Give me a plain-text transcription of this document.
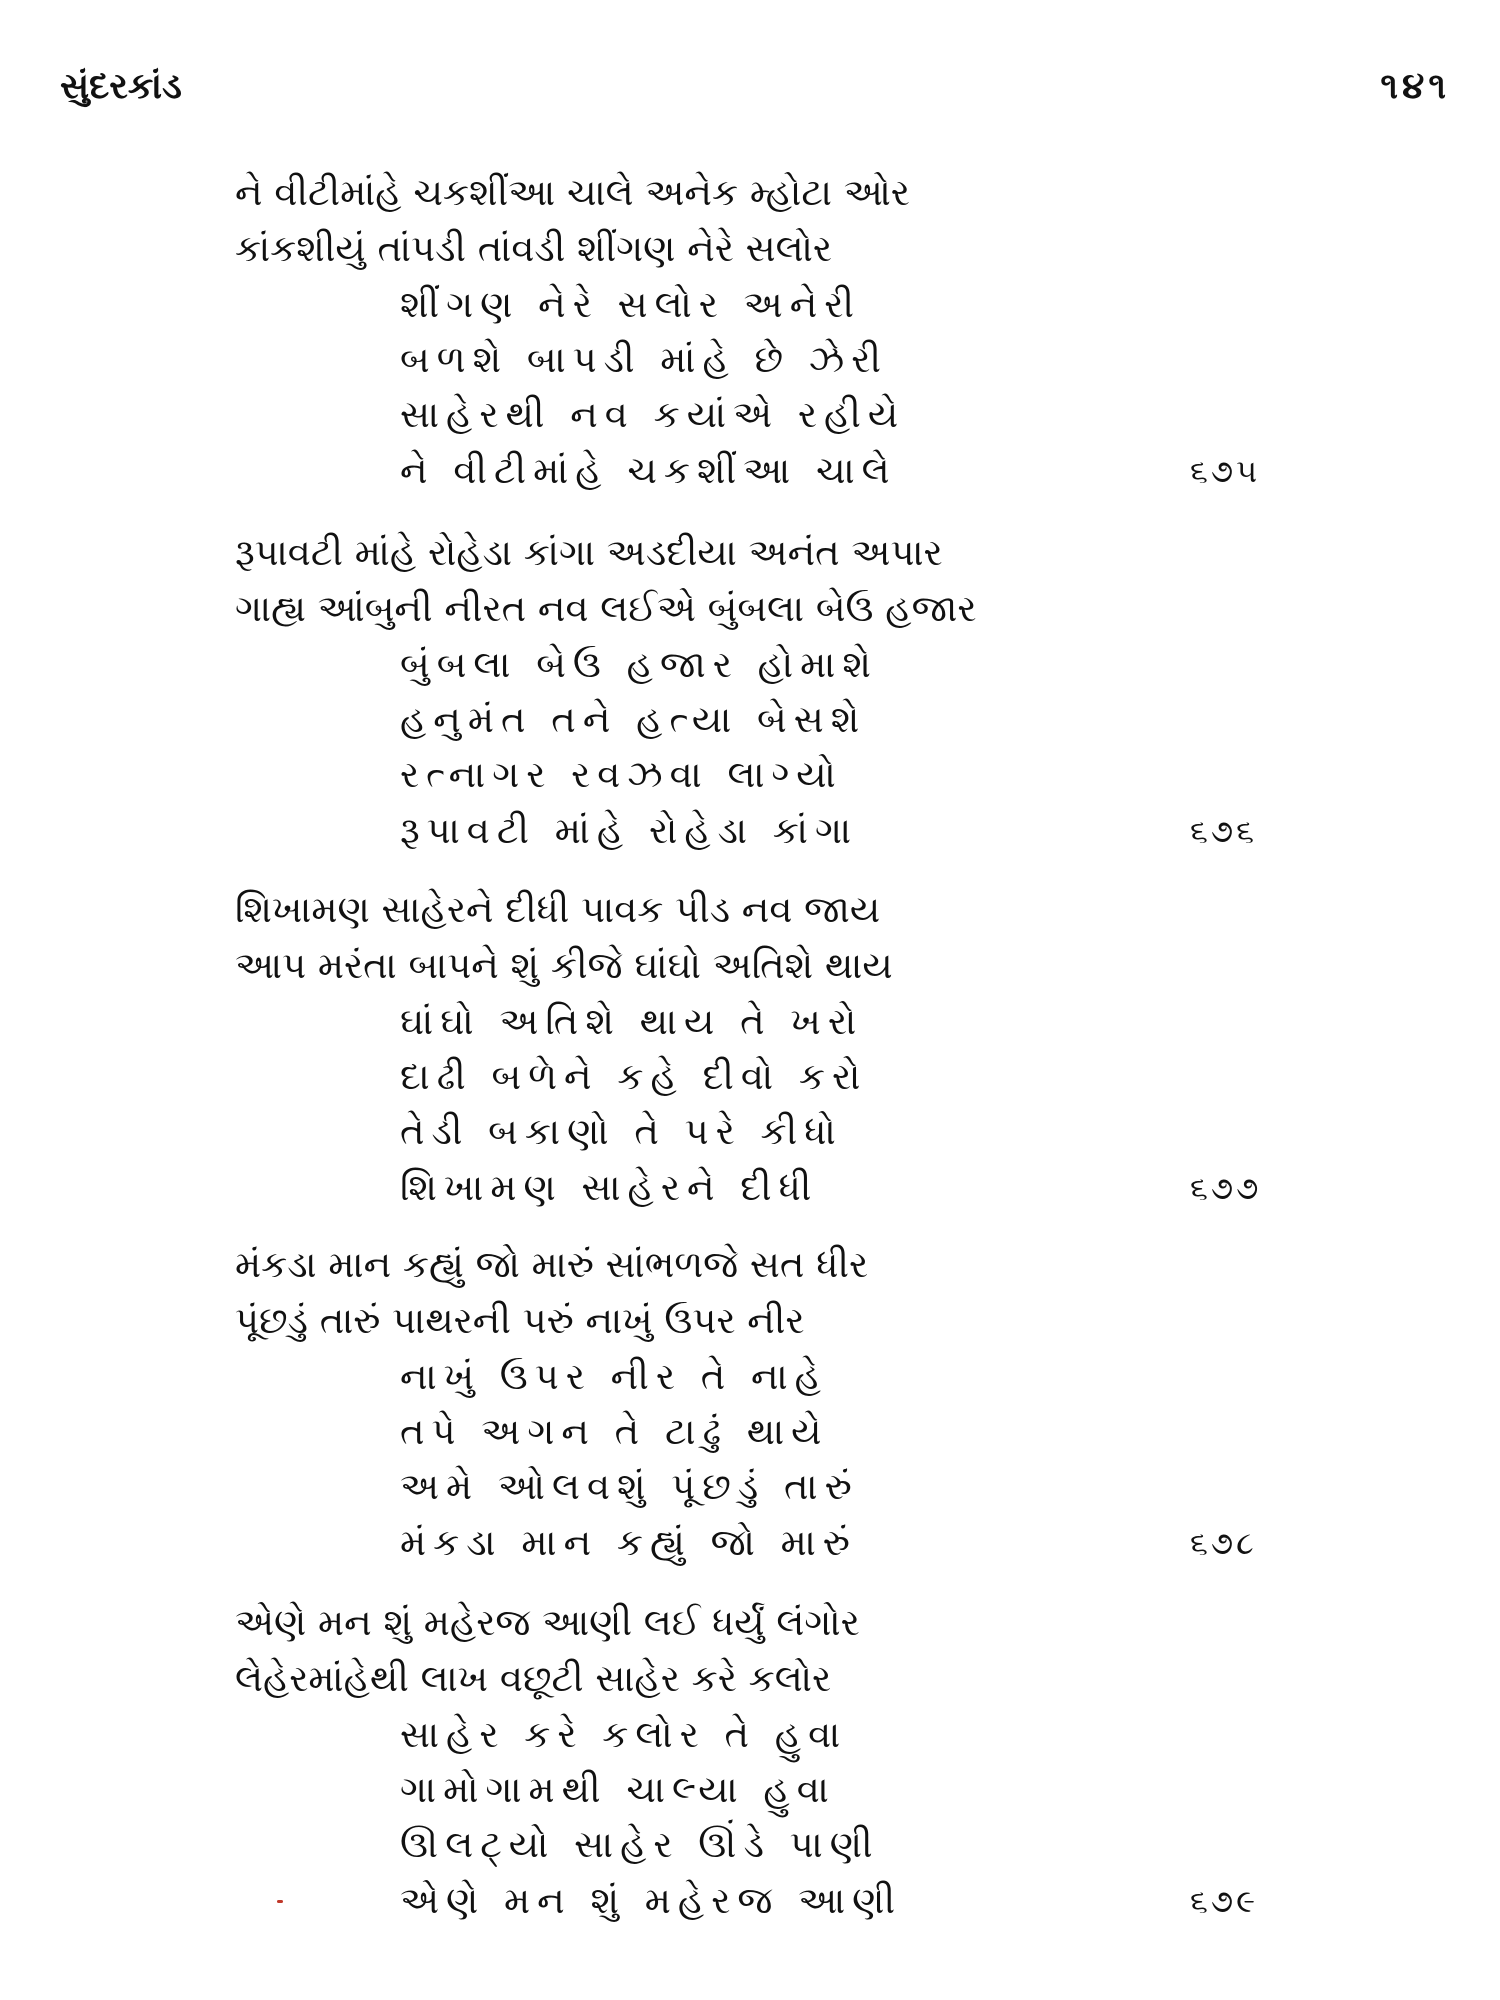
સુંદરકાંડ	૧૪૧
ને વીટીમાંહે ચકશીંઆ ચાલે અનેક મ્હોટા ઓર
કાંકશીયું તાંપડી તાંવડી શીંગણ નેરે સલોર
શીંગણ નેરે સલોર અનેરી
બળશે બાપડી માંહે છે ઝેરી
સાહેરથી નવ કયાંએ રહીયે
ને વીટીમાંહે ચકશીંઆ ચાલે	૬૭૫
રૂપાવટી માંહે રોહેડા કાંગા અડદીયા અનંત અપાર
ગાહ્ય આંબુની નીરત નવ લઈએ બુંબલા બેઉ હજાર
બુંબલા બેઉ હજાર હોમાશે
હનુમંત તને હત્યા બેસશે
રત્નાગર રવઝવા લાગ્યો
રૂપાવટી માંહે રોહેડા કાંગા	૬૭૬
શિખામણ સાહેરને દીધી પાવક પીડ નવ જાય
આપ મરંતા બાપને શું કીજે ઘાંઘો અતિશે થાય
ઘાંઘો અતિશે થાય તે ખરો
દાઢી બળેને કહે દીવો કરો
તેડી બકાણો તે પરે કીધો
શિખામણ સાહેરને દીધી	૬૭૭
મંકડા માન કહ્યું જો મારું સાંભળજે સત ધીર
પૂંછડું તારું પાથરની પરું નાખું ઉપર નીર
નાખું ઉપર નીર તે નાહે
તપે અગન તે ટાઢું થાયે
અમે ઓલવશું પૂંછડું તારું
મંકડા માન કહ્યું જો મારું	૬૭૮
એણે મન શું મહેરજ આણી લઈ ધર્યું લંગોર
લેહેરમાંહેથી લાખ વછૂટી સાહેર કરે કલોર
સાહેર કરે કલોર તે હુવા
ગામોગામથી ચાલ્યા હુવા
ઊલટ્યો સાહેર ઊંડે પાણી
એણે મન શું મહેરજ આણી	૬૭૯
